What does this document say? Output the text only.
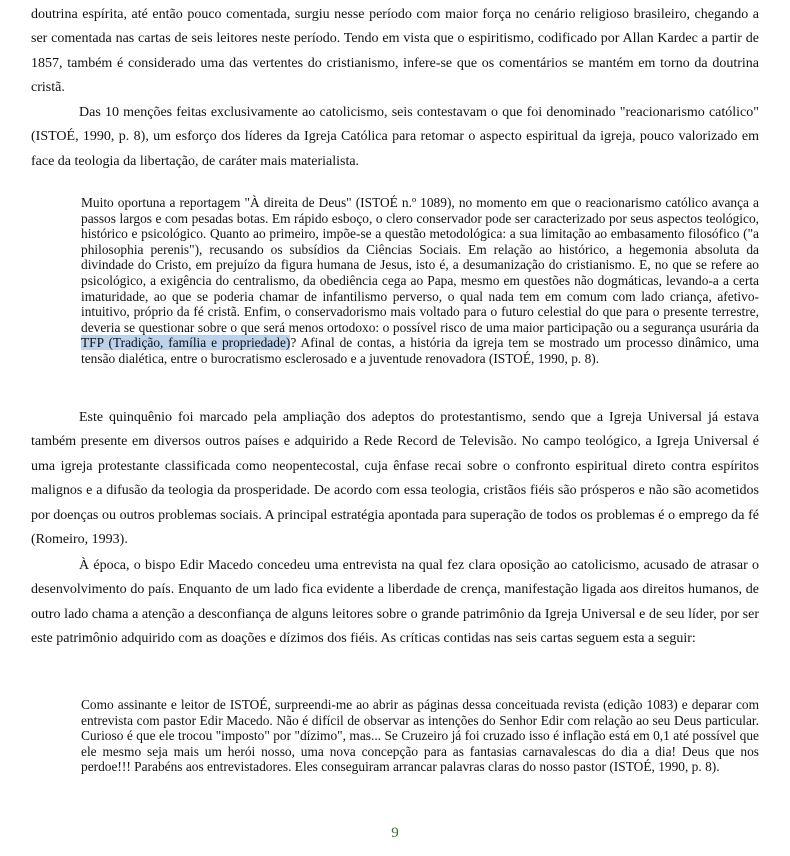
doutrina espírita, até então pouco comentada, surgiu nesse período com maior força no cenário religioso brasileiro, chegando a ser comentada nas cartas de seis leitores neste período. Tendo em vista que o espiritismo, codificado por Allan Kardec a partir de 1857, também é considerado uma das vertentes do cristianismo, infere-se que os comentários se mantém em torno da doutrina cristã.

Das 10 menções feitas exclusivamente ao catolicismo, seis contestavam o que foi denominado "reacionarismo católico" (ISTOÉ, 1990, p. 8), um esforço dos líderes da Igreja Católica para retomar o aspecto espiritual da igreja, pouco valorizado em face da teologia da libertação, de caráter mais materialista.

Muito oportuna a reportagem "À direita de Deus" (ISTOÉ n.º 1089), no momento em que o reacionarismo católico avança a passos largos e com pesadas botas. Em rápido esboço, o clero conservador pode ser caracterizado por seus aspectos teológico, histórico e psicológico. Quanto ao primeiro, impõe-se a questão metodológica: a sua limitação ao embasamento filosófico ("a philosophia perenis"), recusando os subsídios da Ciências Sociais. Em relação ao histórico, a hegemonia absoluta da divindade do Cristo, em prejuízo da figura humana de Jesus, isto é, a desumanização do cristianismo. E, no que se refere ao psicológico, a exigência do centralismo, da obediência cega ao Papa, mesmo em questões não dogmáticas, levando-a a certa imaturidade, ao que se poderia chamar de infantilismo perverso, o qual nada tem em comum com lado criança, afetivo-intuitivo, próprio da fé cristã. Enfim, o conservadorismo mais voltado para o futuro celestial do que para o presente terrestre, deveria se questionar sobre o que será menos ortodoxo: o possível risco de uma maior participação ou a segurança usurária da TFP (Tradição, família e propriedade)? Afinal de contas, a história da igreja tem se mostrado um processo dinâmico, uma tensão dialética, entre o burocratismo esclerosado e a juventude renovadora (ISTOÉ, 1990, p. 8).

Este quinquênio foi marcado pela ampliação dos adeptos do protestantismo, sendo que a Igreja Universal já estava também presente em diversos outros países e adquirido a Rede Record de Televisão. No campo teológico, a Igreja Universal é uma igreja protestante classificada como neopentecostal, cuja ênfase recai sobre o confronto espiritual direto contra espíritos malignos e a difusão da teologia da prosperidade. De acordo com essa teologia, cristãos fiéis são prósperos e não são acometidos por doenças ou outros problemas sociais. A principal estratégia apontada para superação de todos os problemas é o emprego da fé (Romeiro, 1993).

À época, o bispo Edir Macedo concedeu uma entrevista na qual fez clara oposição ao catolicismo, acusado de atrasar o desenvolvimento do país. Enquanto de um lado fica evidente a liberdade de crença, manifestação ligada aos direitos humanos, de outro lado chama a atenção a desconfiança de alguns leitores sobre o grande patrimônio da Igreja Universal e de seu líder, por ser este patrimônio adquirido com as doações e dízimos dos fiéis. As críticas contidas nas seis cartas seguem esta a seguir:

Como assinante e leitor de ISTOÉ, surpreendi-me ao abrir as páginas dessa conceituada revista (edição 1083) e deparar com entrevista com pastor Edir Macedo. Não é difícil de observar as intenções do Senhor Edir com relação ao seu Deus particular. Curioso é que ele trocou "imposto" por "dízimo", mas... Se Cruzeiro já foi cruzado isso é inflação está em 0,1 até possível que ele mesmo seja mais um herói nosso, uma nova concepção para as fantasias carnavalescas do dia a dia! Deus que nos perdoe!!! Parabéns aos entrevistadores. Eles conseguiram arrancar palavras claras do nosso pastor (ISTOÉ, 1990, p. 8).

9
